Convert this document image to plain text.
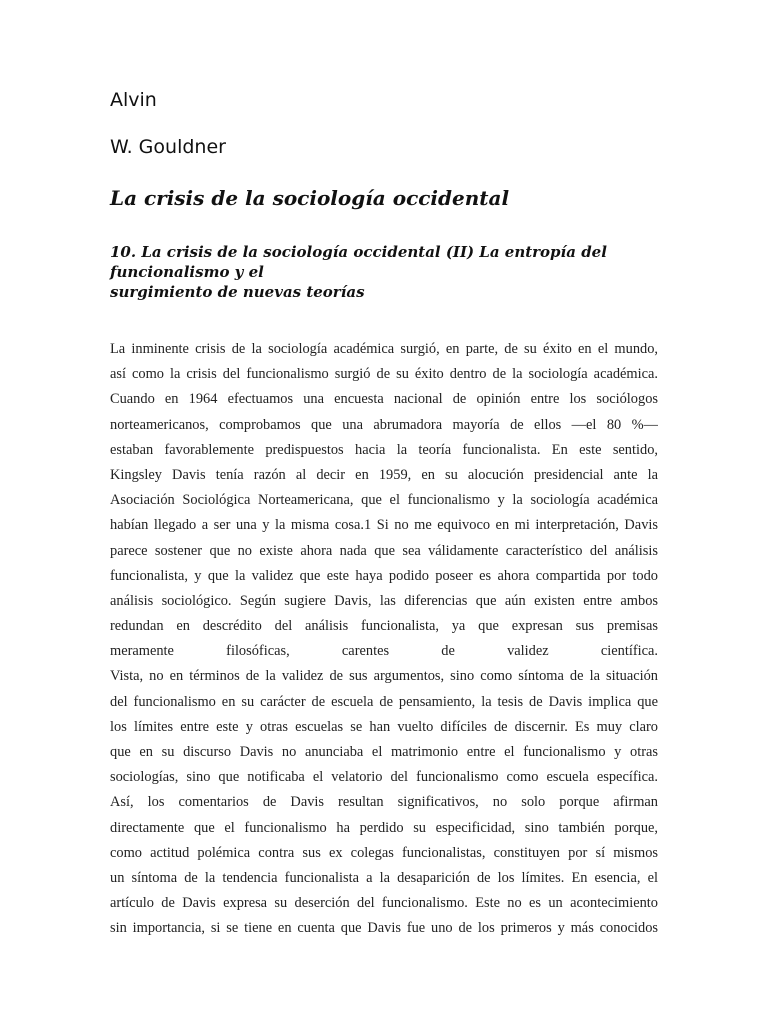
Alvin

W. Gouldner

La crisis de la sociología occidental
10. La crisis de la sociología occidental (II) La entropía del
funcionalismo y el
surgimiento de nuevas teorías
La inminente crisis de la sociología académica surgió, en parte, de su éxito en el mundo,
así como la crisis del funcionalismo surgió de su éxito dentro de la sociología académica.
Cuando en 1964 efectuamos una encuesta nacional de opinión entre los sociólogos
norteamericanos, comprobamos que una abrumadora mayoría de ellos —el 80 %—
estaban favorablemente predispuestos hacia la teoría funcionalista. En este sentido,
Kingsley Davis tenía razón al decir en 1959, en su alocución presidencial ante la
Asociación Sociológica Norteamericana, que el funcionalismo y la sociología académica
habían llegado a ser una y la misma cosa.1 Si no me equivoco en mi interpretación, Davis
parece sostener que no existe ahora nada que sea válidamente característico del análisis
funcionalista, y que la validez que este haya podido poseer es ahora compartida por todo
análisis sociológico. Según sugiere Davis, las diferencias que aún existen entre ambos
redundan en descrédito del análisis funcionalista, ya que expresan sus premisas
meramente filosóficas, carentes de validez científica.
Vista, no en términos de la validez de sus argumentos, sino como síntoma de la situación
del funcionalismo en su carácter de escuela de pensamiento, la tesis de Davis implica que
los límites entre este y otras escuelas se han vuelto difíciles de discernir. Es muy claro
que en su discurso Davis no anunciaba el matrimonio entre el funcionalismo y otras
sociologías, sino que notificaba el velatorio del funcionalismo como escuela específica.
Así, los comentarios de Davis resultan significativos, no solo porque afirman
directamente que el funcionalismo ha perdido su especificidad, sino también porque,
como actitud polémica contra sus ex colegas funcionalistas, constituyen por sí mismos
un síntoma de la tendencia funcionalista a la desaparición de los límites. En esencia, el
artículo de Davis expresa su deserción del funcionalismo. Este no es un acontecimiento
sin importancia, si se tiene en cuenta que Davis fue uno de los primeros y más conocidos
